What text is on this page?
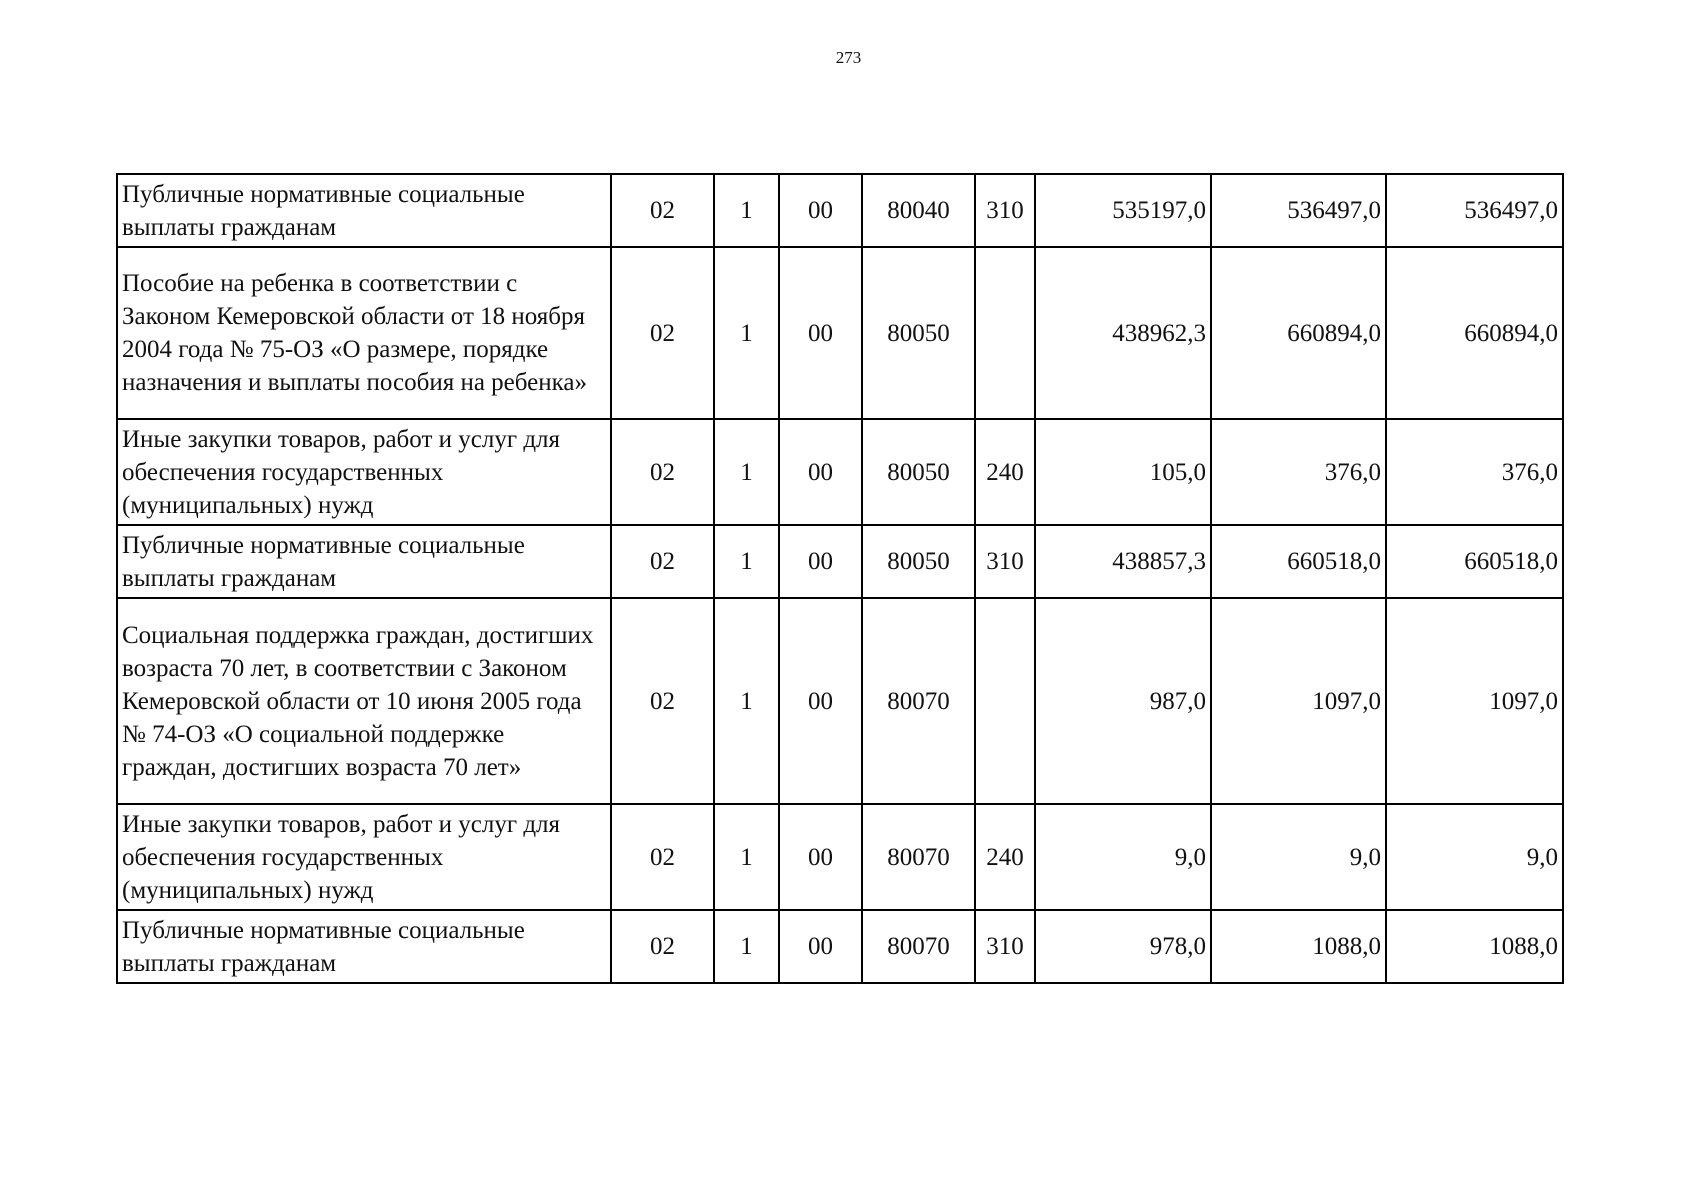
273
Публичные нормативные социальные выплаты гражданам	02	1	00	80040	310	535197,0	536497,0	536497,0
Пособие на ребенка в соответствии с Законом Кемеровской области от 18 ноября 2004 года № 75-ОЗ «О размере, порядке назначения и выплаты пособия на ребенка»	02	1	00	80050		438962,3	660894,0	660894,0
Иные закупки товаров, работ и услуг для обеспечения государственных (муниципальных) нужд	02	1	00	80050	240	105,0	376,0	376,0
Публичные нормативные социальные выплаты гражданам	02	1	00	80050	310	438857,3	660518,0	660518,0
Социальная поддержка граждан, достигших возраста 70 лет, в соответствии с Законом Кемеровской области от 10 июня 2005 года № 74-ОЗ «О социальной поддержке граждан, достигших возраста 70 лет»	02	1	00	80070		987,0	1097,0	1097,0
Иные закупки товаров, работ и услуг для обеспечения государственных (муниципальных) нужд	02	1	00	80070	240	9,0	9,0	9,0
Публичные нормативные социальные выплаты гражданам	02	1	00	80070	310	978,0	1088,0	1088,0
